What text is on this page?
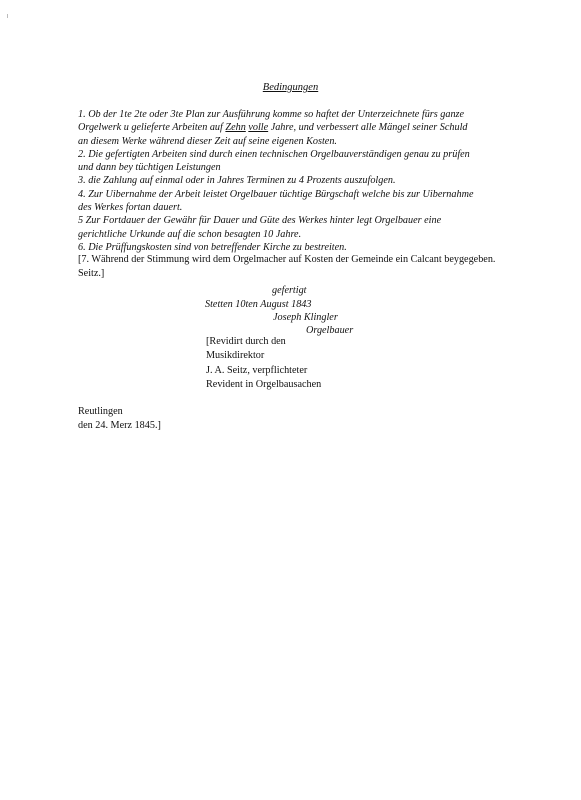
Bedingungen

1. Ob der 1te 2te oder 3te Plan zur Ausführung komme so haftet der Unterzeichnete fürs ganze Orgelwerk u gelieferte Arbeiten auf Zehn volle Jahre, und verbessert alle Mängel seiner Schuld an diesem Werke während dieser Zeit auf seine eigenen Kosten.

2. Die gefertigten Arbeiten sind durch einen technischen Orgelbauverständigen genau zu prüfen und dann bey tüchtigen Leistungen

3. die Zahlung auf einmal oder in Jahres Terminen zu 4 Prozents auszufolgen.

4. Zur Uibernahme der Arbeit leistet Orgelbauer tüchtige Bürgschaft welche bis zur Uibernahme des Werkes fortan dauert.

5 Zur Fortdauer der Gewähr für Dauer und Güte des Werkes hinter legt Orgelbauer eine gerichtliche Urkunde auf die schon besagten 10 Jahre.

6. Die Prüffungskosten sind von betreffender Kirche zu bestreiten.

[7. Während der Stimmung wird dem Orgelmacher auf Kosten der Gemeinde ein Calcant beygegeben. Seitz.]

gefertigt
Stetten 10ten August 1843
Joseph Klingler
Orgelbauer

[Revidirt durch den

Musikdirektor

J. A. Seitz, verpflichteter

Revident in Orgelbausachen

Reutlingen

den 24. Merz 1845.]
